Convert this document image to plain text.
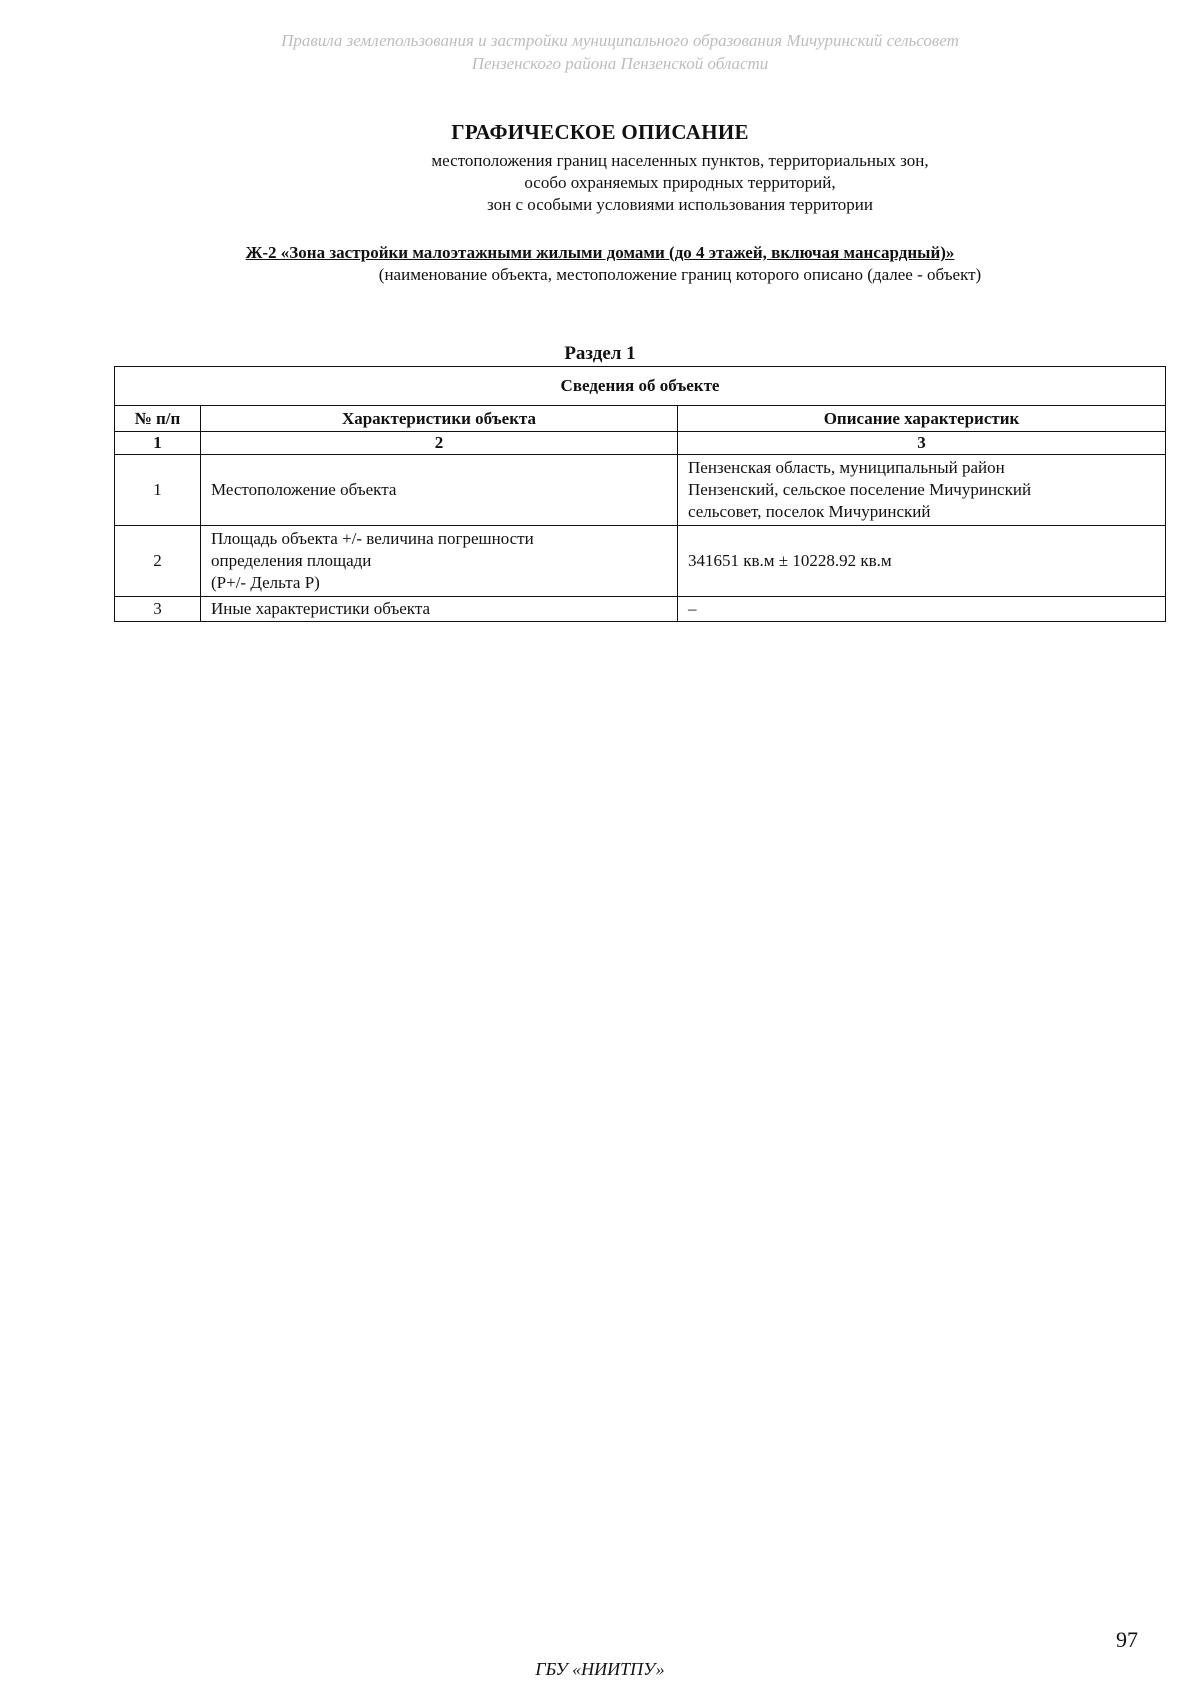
Правила землепользования и застройки муниципального образования Мичуринский сельсовет
Пензенского района Пензенской области
ГРАФИЧЕСКОЕ ОПИСАНИЕ
местоположения границ населенных пунктов, территориальных зон,
особо охраняемых природных территорий,
зон с особыми условиями использования территории
Ж-2 «Зона застройки малоэтажными жилыми домами (до 4 этажей, включая мансардный)»
(наименование объекта, местоположение границ которого описано (далее - объект)
Раздел 1
Сведения об объекте		
№ п/п	Характеристики объекта	Описание характеристик
1	2	3
1	Местоположение объекта	Пензенская область, муниципальный район
Пензенский, сельское поселение Мичуринский
сельсовет, поселок Мичуринский

2	Площадь объекта +/- величина погрешности
определения площади
(Р+/- Дельта Р)	341651 кв.м ± 10228.92 кв.м

3	Иные характеристики объекта	–
97
ГБУ «НИИТПУ»
